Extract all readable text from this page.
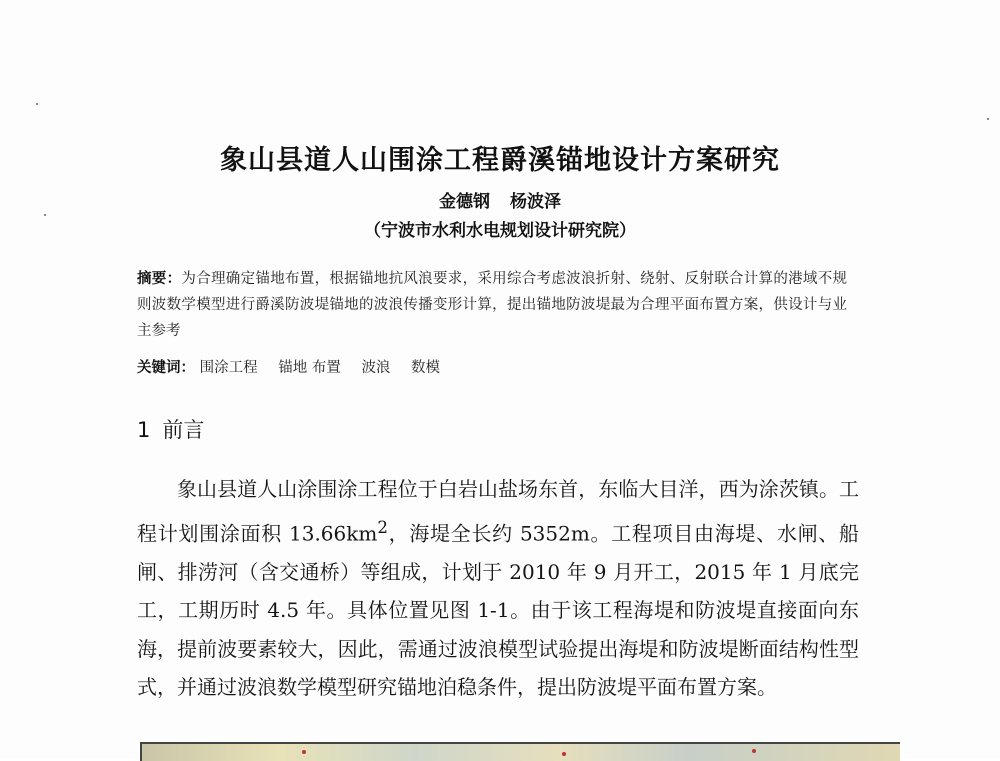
象山县道人山围涂工程爵溪锚地设计方案研究
金德钢 杨波泽
（宁波市水利水电规划设计研究院）
摘要：为合理确定锚地布置，根据锚地抗风浪要求，采用综合考虑波浪折射、绕射、反射联合计算的港域不规则波数学模型进行爵溪防波堤锚地的波浪传播变形计算，提出锚地防波堤最为合理平面布置方案，供设计与业主参考
关键词： 围涂工程 锚地 布置 波浪 数模
1 前言

象山县道人山涂围涂工程位于白岩山盐场东首，东临大目洋，西为涂茨镇。工程计划围涂面积 $13.66km^2$，海堤全长约 5352m。工程项目由海堤、水闸、船闸、排涝河（含交通桥）等组成，计划于 2010 年 9 月开工，2015 年 1 月底完工，工期历时 4.5 年。具体位置见图 1-1。由于该工程海堤和防波堤直接面向东海，提前波要素较大，因此，需通过波浪模型试验提出海堤和防波堤断面结构性型式，并通过波浪数学模型研究锚地泊稳条件，提出防波堤平面布置方案。
